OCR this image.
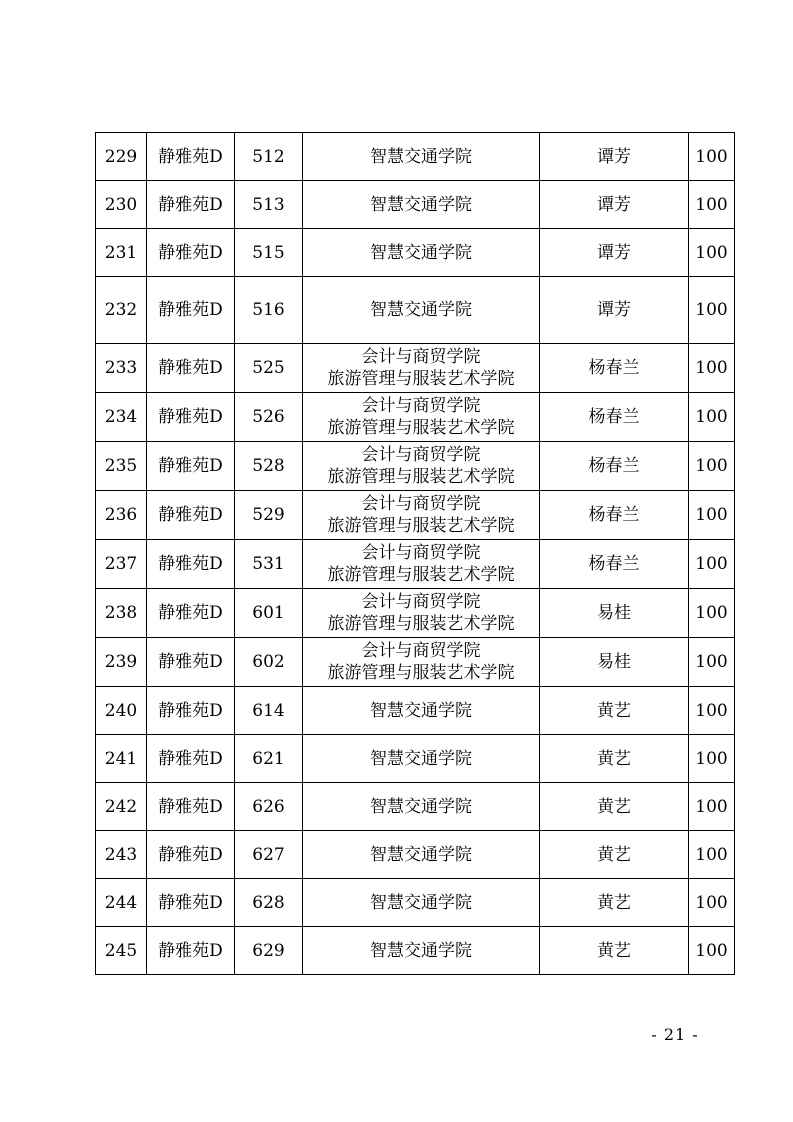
229	静雅苑D	512	智慧交通学院	谭芳	100
230	静雅苑D	513	智慧交通学院	谭芳	100
231	静雅苑D	515	智慧交通学院	谭芳	100
232	静雅苑D	516	智慧交通学院	谭芳	100
233	静雅苑D	525	会计与商贸学院
旅游管理与服装艺术学院	杨春兰	100
234	静雅苑D	526	会计与商贸学院
旅游管理与服装艺术学院	杨春兰	100
235	静雅苑D	528	会计与商贸学院
旅游管理与服装艺术学院	杨春兰	100
236	静雅苑D	529	会计与商贸学院
旅游管理与服装艺术学院	杨春兰	100
237	静雅苑D	531	会计与商贸学院
旅游管理与服装艺术学院	杨春兰	100
238	静雅苑D	601	会计与商贸学院
旅游管理与服装艺术学院	易桂	100
239	静雅苑D	602	会计与商贸学院
旅游管理与服装艺术学院	易桂	100
240	静雅苑D	614	智慧交通学院	黄艺	100
241	静雅苑D	621	智慧交通学院	黄艺	100
242	静雅苑D	626	智慧交通学院	黄艺	100
243	静雅苑D	627	智慧交通学院	黄艺	100
244	静雅苑D	628	智慧交通学院	黄艺	100
245	静雅苑D	629	智慧交通学院	黄艺	100
- 21 -
